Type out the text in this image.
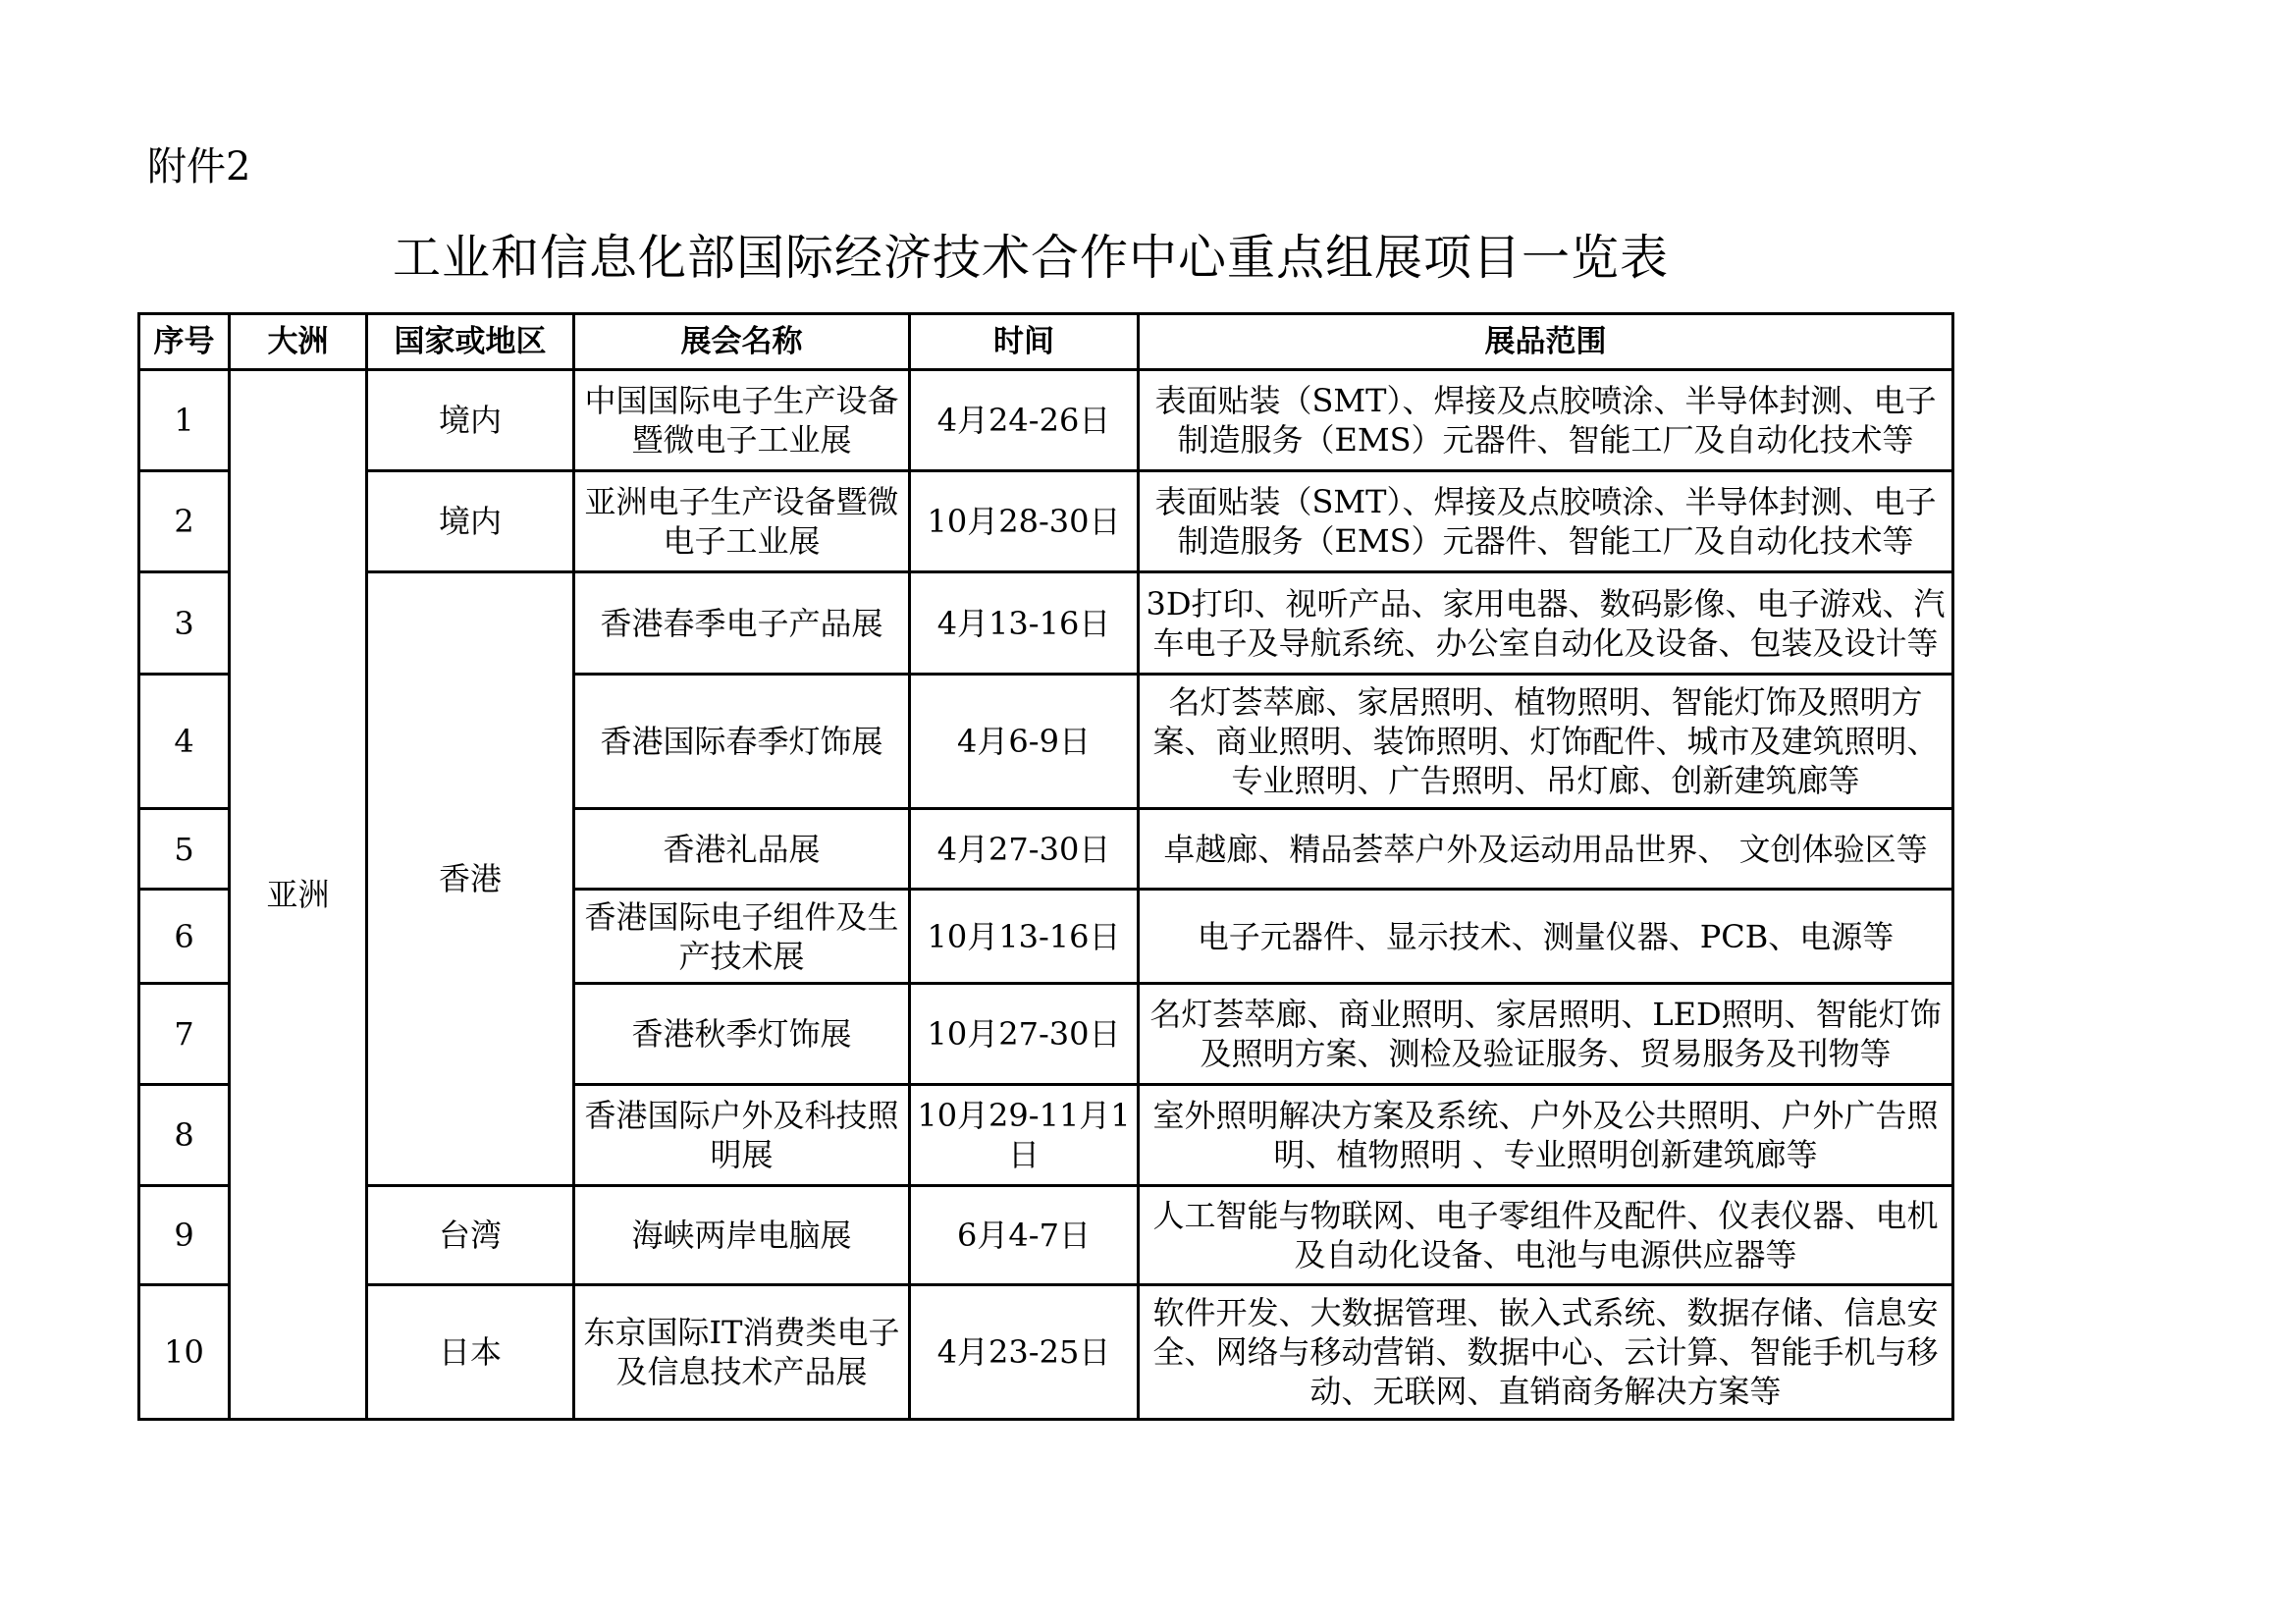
附件2
工业和信息化部国际经济技术合作中心重点组展项目一览表
序号	大洲	国家或地区	展会名称	时间	展品范围
1	亚洲	境内	中国国际电子生产设备暨微电子工业展	4月24-26日	表面贴装（SMT）、焊接及点胶喷涂、半导体封测、电子制造服务（EMS）元器件、智能工厂及自动化技术等

2		境内	亚洲电子生产设备暨微电子工业展	10月28-30日	表面贴装（SMT）、焊接及点胶喷涂、半导体封测、电子制造服务（EMS）元器件、智能工厂及自动化技术等

3		香港	香港春季电子产品展	4月13-16日	3D打印、视听产品、家用电器、数码影像、电子游戏、汽车电子及导航系统、办公室自动化及设备、包装及设计等

4			香港国际春季灯饰展	4月6-9日	名灯荟萃廊、家居照明、植物照明、智能灯饰及照明方案、商业照明、装饰照明、灯饰配件、城市及建筑照明、专业照明、广告照明、吊灯廊、创新建筑廊等

5			香港礼品展	4月27-30日	卓越廊、精品荟萃户外及运动用品世界、 文创体验区等

6			香港国际电子组件及生产技术展	10月13-16日	电子元器件、显示技术、测量仪器、PCB、电源等

7			香港秋季灯饰展	10月27-30日	名灯荟萃廊、商业照明、家居照明、LED照明、智能灯饰及照明方案、测检及验证服务、贸易服务及刊物等

8			香港国际户外及科技照明展	10月29-11月1日	室外照明解决方案及系统、户外及公共照明、户外广告照明、植物照明 、专业照明创新建筑廊等

9		台湾	海峡两岸电脑展	6月4-7日	人工智能与物联网、电子零组件及配件、仪表仪器、电机及自动化设备、电池与电源供应器等

10		日本	东京国际IT消费类电子及信息技术产品展	4月23-25日	软件开发、大数据管理、嵌入式系统、数据存储、信息安全、网络与移动营销、数据中心、云计算、智能手机与移动、无联网、直销商务解决方案等
